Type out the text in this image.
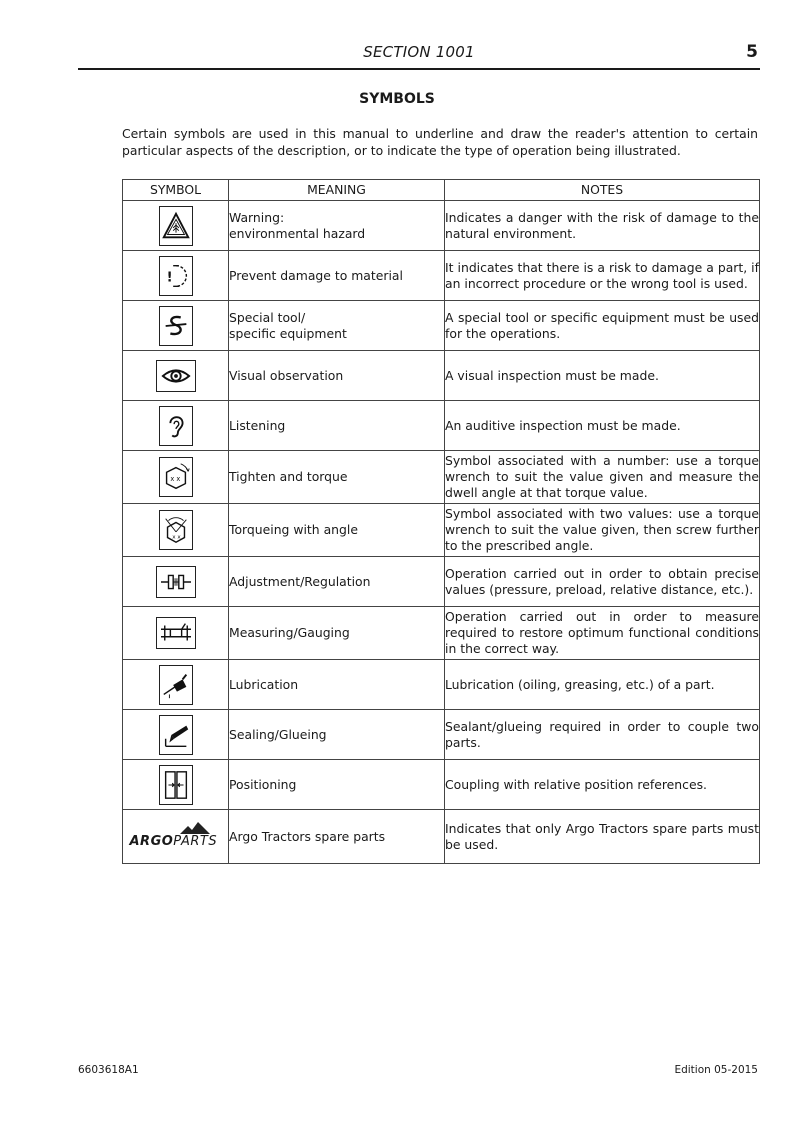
SECTION 1001	5
SYMBOLS
Certain symbols are used in this manual to underline and draw the reader's attention to certain particular aspects of the description, or to indicate the type of operation being illustrated.
SYMBOL	MEANING	NOTES

Warning:
environmental hazard	Indicates a danger with the risk of damage to the natural environment.

!	Prevent damage to material	It indicates that there is a risk to damage a part, if an incorrect procedure or the wrong tool is used.

Special tool/
specific equipment	A special tool or specific equipment must be used for the operations.

Visual observation	A visual inspection must be made.

Listening	An auditive inspection must be made.

x x	Tighten and torque	Symbol associated with a number: use a torque wrench to suit the value given and measure the dwell angle at that torque value.

x x	Torqueing with angle	Symbol associated with two values: use a torque wrench to suit the value given, then screw further to the prescribed angle.

Adjustment/Regulation	Operation carried out in order to obtain precise values (pressure, preload, relative distance, etc.).

Measuring/Gauging	Operation carried out in order to measure required to restore optimum functional conditions in the correct way.

Lubrication	Lubrication (oiling, greasing, etc.) of a part.

Sealing/Glueing	Sealant/glueing required in order to couple two parts.

Positioning	Coupling with relative position references.

ARGOPARTS	Argo Tractors spare parts	Indicates that only Argo Tractors spare parts must be used.
6603618A1	Edition 05-2015
